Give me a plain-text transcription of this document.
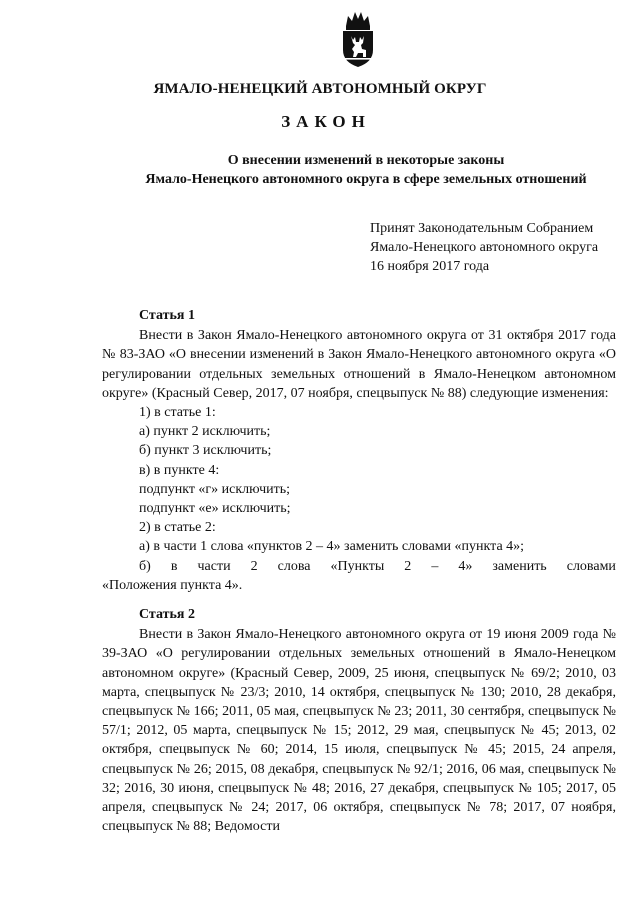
ЯМАЛО-НЕНЕЦКИЙ АВТОНОМНЫЙ ОКРУГ
ЗАКОН
О внесении изменений в некоторые законы
Ямало-Ненецкого автономного округа в сфере земельных отношений
Принят Законодательным Собранием
Ямало-Ненецкого автономного округа
16 ноября 2017 года

Статья 1

Внести в Закон Ямало-Ненецкого автономного округа от 31 октября 2017 года № 83-ЗАО «О внесении изменений в Закон Ямало-Ненецкого автономного округа «О регулировании отдельных земельных отношений в Ямало-Ненецком автономном округе» (Красный Север, 2017, 07 ноября, спецвыпуск № 88) следующие изменения:

1) в статье 1:

а) пункт 2 исключить;

б) пункт 3 исключить;

в) в пункте 4:

подпункт «г» исключить;

подпункт «е» исключить;

2) в статье 2:

а) в части 1 слова «пунктов 2 – 4» заменить словами «пункта 4»;

б) в части 2 слова «Пункты 2 – 4» заменить словами

«Положения пункта 4».

Статья 2

Внести в Закон Ямало-Ненецкого автономного округа от 19 июня 2009 года № 39-ЗАО «О регулировании отдельных земельных отношений в Ямало-Ненецком автономном округе» (Красный Север, 2009, 25 июня, спецвыпуск № 69/2; 2010, 03 марта, спецвыпуск № 23/3; 2010, 14 октября, спецвыпуск № 130; 2010, 28 декабря, спецвыпуск № 166; 2011, 05 мая, спецвыпуск № 23; 2011, 30 сентября, спецвыпуск № 57/1; 2012, 05 марта, спецвыпуск № 15; 2012, 29 мая, спецвыпуск № 45; 2013, 02 октября, спецвыпуск № 60; 2014, 15 июля, спецвыпуск № 45; 2015, 24 апреля, спецвыпуск № 26; 2015, 08 декабря, спецвыпуск № 92/1; 2016, 06 мая, спецвыпуск № 32; 2016, 30 июня, спецвыпуск № 48; 2016, 27 декабря, спецвыпуск № 105; 2017, 05 апреля, спецвыпуск № 24; 2017, 06 октября, спецвыпуск № 78; 2017, 07 ноября, спецвыпуск № 88; Ведомости
